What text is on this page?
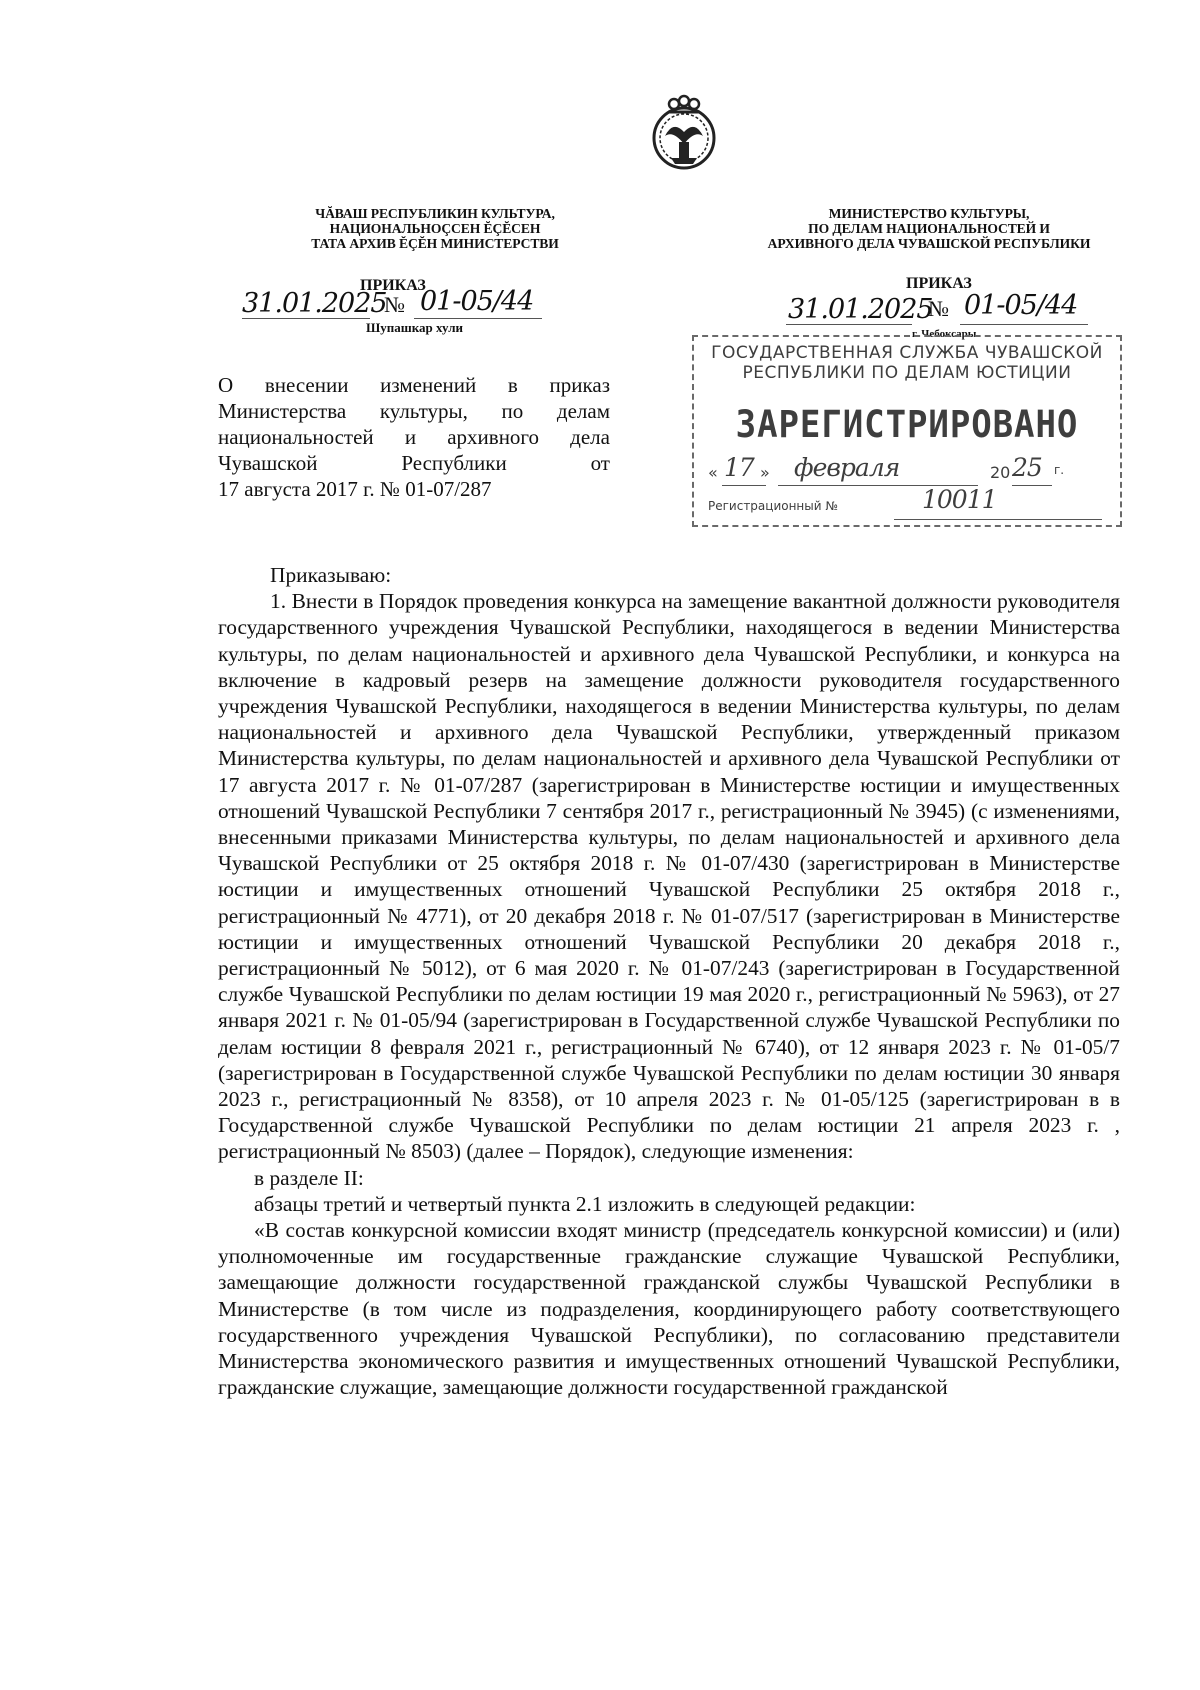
ЧĂВАШ РЕСПУБЛИКИН КУЛЬТУРА,
НАЦИОНАЛЬНОÇСЕН ĔÇĔСЕН
ТАТА АРХИВ ĔÇĔН МИНИСТЕРСТВИ
МИНИСТЕРСТВО КУЛЬТУРЫ,
ПО ДЕЛАМ НАЦИОНАЛЬНОСТЕЙ И
АРХИВНОГО ДЕЛА ЧУВАШСКОЙ РЕСПУБЛИКИ
ПРИКАЗ	ПРИКАЗ
31.01.2025
№ 01-05/44
Шупашкар хули
31.01.2025
№ 01-05/44
г. Чебоксары
О внесении изменений в приказ
Министерства культуры, по делам
национальностей и архивного дела
Чувашской Республики от
17 августа 2017 г. № 01-07/287
ГОСУДАРСТВЕННАЯ СЛУЖБА ЧУВАШСКОЙ
РЕСПУБЛИКИ ПО ДЕЛАМ ЮСТИЦИИ
ЗАРЕГИСТРИРОВАНО
« 17 » февраля	20 25 г.
Регистрационный №	10011

Приказываю:

1. Внести в Порядок проведения конкурса на замещение вакантной должности руководителя государственного учреждения Чувашской Республики, находящегося в ведении Министерства культуры, по делам национальностей и архивного дела Чувашской Республики, и конкурса на включение в кадровый резерв на замещение должности руководителя государственного учреждения Чувашской Республики, находящегося в ведении Министерства культуры, по делам национальностей и архивного дела Чувашской Республики, утвержденный приказом Министерства культуры, по делам национальностей и архивного дела Чувашской Республики от 17 августа 2017 г. № 01-07/287 (зарегистрирован в Министерстве юстиции и имущественных отношений Чувашской Республики 7 сентября 2017 г., регистрационный № 3945) (с изменениями, внесенными приказами Министерства культуры, по делам национальностей и архивного дела Чувашской Республики от 25 октября 2018 г. № 01-07/430 (зарегистрирован в Министерстве юстиции и имущественных отношений Чувашской Республики 25 октября 2018 г., регистрационный № 4771), от 20 декабря 2018 г. № 01-07/517 (зарегистрирован в Министерстве юстиции и имущественных отношений Чувашской Республики 20 декабря 2018 г., регистрационный № 5012), от 6 мая 2020 г. № 01-07/243 (зарегистрирован в Государственной службе Чувашской Республики по делам юстиции 19 мая 2020 г., регистрационный № 5963), от 27 января 2021 г. № 01-05/94 (зарегистрирован в Государственной службе Чувашской Республики по делам юстиции 8 февраля 2021 г., регистрационный № 6740), от 12 января 2023 г. № 01-05/7 (зарегистрирован в Государственной службе Чувашской Республики по делам юстиции 30 января 2023 г., регистрационный № 8358), от 10 апреля 2023 г. № 01-05/125 (зарегистрирован в в Государственной службе Чувашской Республики по делам юстиции 21 апреля 2023 г. , регистрационный № 8503) (далее – Порядок), следующие изменения:

в разделе II:

абзацы третий и четвертый пункта 2.1 изложить в следующей редакции:

«В состав конкурсной комиссии входят министр (председатель конкурсной комиссии) и (или) уполномоченные им государственные гражданские служащие Чувашской Республики, замещающие должности государственной гражданской службы Чувашской Республики в Министерстве (в том числе из подразделения, координирующего работу соответствующего государственного учреждения Чувашской Республики), по согласованию представители Министерства экономического развития и имущественных отношений Чувашской Республики, гражданские служащие, замещающие должности государственной гражданской
